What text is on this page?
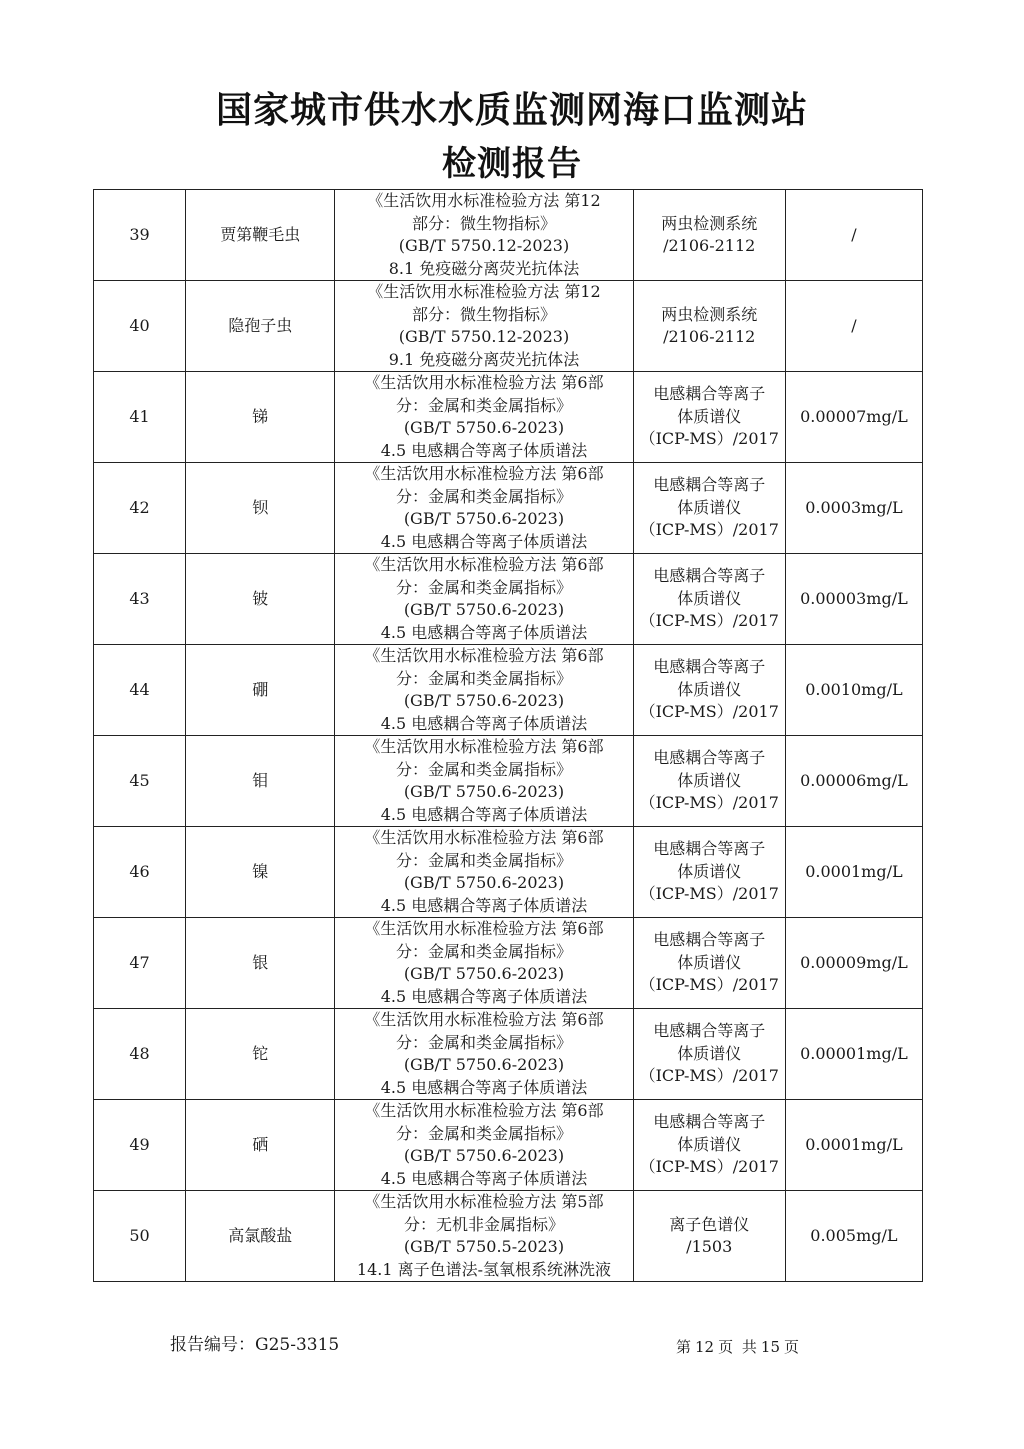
国家城市供水水质监测网海口监测站
检测报告
39	贾第鞭毛虫	《生活饮用水标准检验方法 第12
部分：微生物指标》
(GB/T 5750.12-2023)
8.1 免疫磁分离荧光抗体法	两虫检测系统
/2106-2112	/
40	隐孢子虫	《生活饮用水标准检验方法 第12
部分：微生物指标》
(GB/T 5750.12-2023)
9.1 免疫磁分离荧光抗体法	两虫检测系统
/2106-2112	/
41	锑	《生活饮用水标准检验方法 第6部
分：金属和类金属指标》
(GB/T 5750.6-2023)
4.5 电感耦合等离子体质谱法	电感耦合等离子
体质谱仪
（ICP-MS）/2017	0.00007mg/L
42	钡	《生活饮用水标准检验方法 第6部
分：金属和类金属指标》
(GB/T 5750.6-2023)
4.5 电感耦合等离子体质谱法	电感耦合等离子
体质谱仪
（ICP-MS）/2017	0.0003mg/L
43	铍	《生活饮用水标准检验方法 第6部
分：金属和类金属指标》
(GB/T 5750.6-2023)
4.5 电感耦合等离子体质谱法	电感耦合等离子
体质谱仪
（ICP-MS）/2017	0.00003mg/L
44	硼	《生活饮用水标准检验方法 第6部
分：金属和类金属指标》
(GB/T 5750.6-2023)
4.5 电感耦合等离子体质谱法	电感耦合等离子
体质谱仪
（ICP-MS）/2017	0.0010mg/L
45	钼	《生活饮用水标准检验方法 第6部
分：金属和类金属指标》
(GB/T 5750.6-2023)
4.5 电感耦合等离子体质谱法	电感耦合等离子
体质谱仪
（ICP-MS）/2017	0.00006mg/L
46	镍	《生活饮用水标准检验方法 第6部
分：金属和类金属指标》
(GB/T 5750.6-2023)
4.5 电感耦合等离子体质谱法	电感耦合等离子
体质谱仪
（ICP-MS）/2017	0.0001mg/L
47	银	《生活饮用水标准检验方法 第6部
分：金属和类金属指标》
(GB/T 5750.6-2023)
4.5 电感耦合等离子体质谱法	电感耦合等离子
体质谱仪
（ICP-MS）/2017	0.00009mg/L
48	铊	《生活饮用水标准检验方法 第6部
分：金属和类金属指标》
(GB/T 5750.6-2023)
4.5 电感耦合等离子体质谱法	电感耦合等离子
体质谱仪
（ICP-MS）/2017	0.00001mg/L
49	硒	《生活饮用水标准检验方法 第6部
分：金属和类金属指标》
(GB/T 5750.6-2023)
4.5 电感耦合等离子体质谱法	电感耦合等离子
体质谱仪
（ICP-MS）/2017	0.0001mg/L
50	高氯酸盐	《生活饮用水标准检验方法 第5部
分：无机非金属指标》
(GB/T 5750.5-2023)
14.1 离子色谱法-氢氧根系统淋洗液	离子色谱仪
/1503	0.005mg/L
报告编号：G25-3315	第 12 页 共 15 页
